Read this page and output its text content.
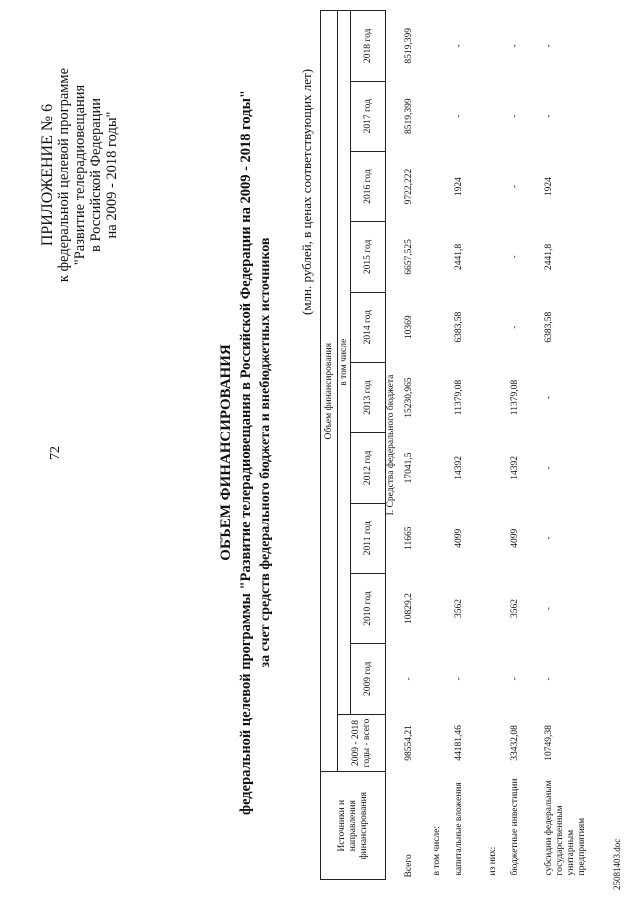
72
ПРИЛОЖЕНИЕ № 6 к федеральной целевой программе "Развитие телерадиовещания в Российской Федерации на 2009 - 2018 годы"
ОБЪЕМ ФИНАНСИРОВАНИЯ федеральной целевой программы "Развитие телерадиовещания в Российской Федерации на 2009 - 2018 годы" за счет средств федерального бюджета и внебюджетных источников
(млн. рублей, в ценах соответствующих лет)
Источники и направления финансирования	Объем финансирования										
	2009 - 2018 годы - всего	в том числе									
		2009 год	2010 год	2011 год	2012 год	2013 год	2014 год	2015 год	2016 год	2017 год	2018 год
I. Средства федерального бюджета											
Всего	98554,21	-	10829,2	11665	17041,5	15230,965	10369	6657,525	9722,222	8519,399	8519,399
в том числе:											
капитальные вложения	44181,46	-	3562	4099	14392	11379,08	6383,58	2441,8	1924	-	-
из них:											
бюджетные инвестиции	33432,08	-	3562	4099	14392	11379,08	-	-	-	-	-
субсидии федеральным государственным унитарным предприятиям	10749,38	-	-	-	-	-	6383,58	2441,8	1924	-	-
25081403.doc
